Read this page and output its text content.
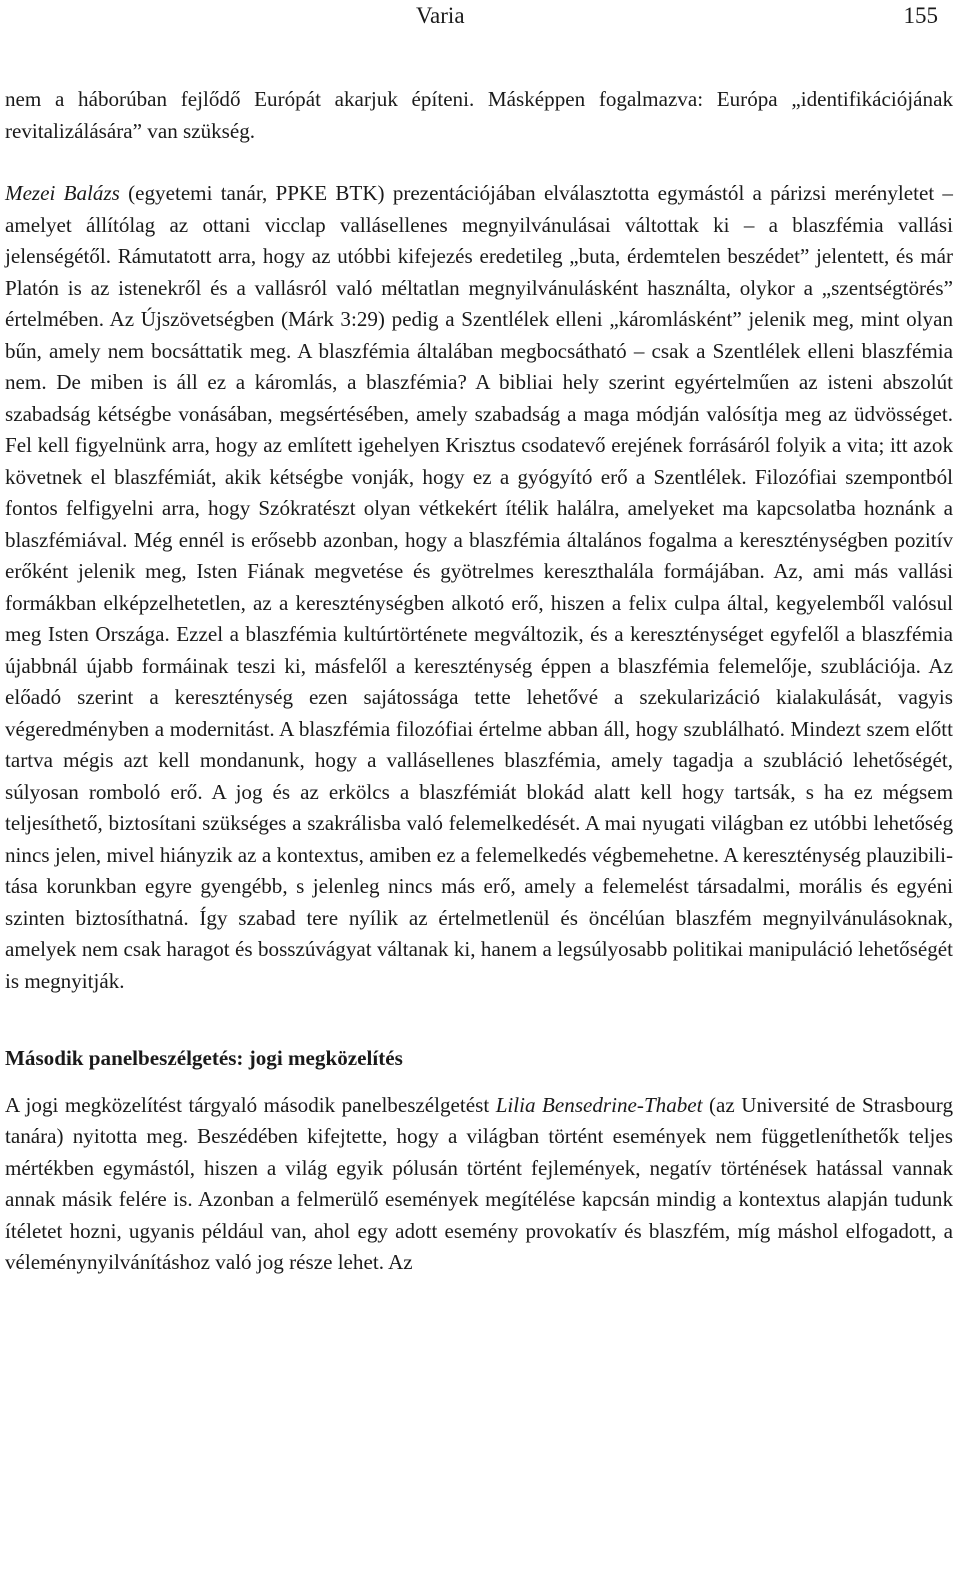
Varia	155

nem a háborúban fejlődő Európát akarjuk építeni. Másképpen fogalmazva: Európa „identifikációjának revitalizálására” van szükség.

Mezei Balázs (egyetemi tanár, PPKE BTK) prezentációjában elválasztotta egymástól a párizsi merényletet – amelyet állítólag az ottani vicclap vallásellenes megnyilvánulásai váltottak ki – a blaszfémia vallási jelenségétől. Rámutatott arra, hogy az utóbbi kifejezés eredetileg „buta, érdemtelen beszédet” jelentett, és már Platón is az istenekről és a vallásról való méltatlan megnyilvánulásként használta, olykor a „szentségtörés” értelmében. Az Újszövetségben (Márk 3:29) pedig a Szentlélek elleni „káromlásként” jelenik meg, mint olyan bűn, amely nem bocsáttatik meg. A blaszfémia általában megbocsátható – csak a Szentlélek elleni blaszfémia nem. De miben is áll ez a káromlás, a blaszfémia? A bibliai hely szerint egyértelműen az isteni abszolút szabadság kétségbe vonásában, megsértésében, amely szabadság a maga módján valósítja meg az üdvösséget. Fel kell figyelnünk arra, hogy az említett igehelyen Krisztus csodatevő erejének forrásáról folyik a vita; itt azok követnek el blaszfémiát, akik kétségbe vonják, hogy ez a gyógyító erő a Szentlélek. Filozófiai szempontból fontos felfigyelni arra, hogy Szókratészt olyan vétkekért ítélik halálra, amelyeket ma kapcsolatba hoznánk a blaszfémiával. Még ennél is erősebb azonban, hogy a blaszfémia általános fogalma a kereszténységben pozitív erőként jelenik meg, Isten Fiának megvetése és gyötrelmes kereszthalála formájában. Az, ami más vallási formákban elképzelhetetlen, az a kereszténységben alkotó erő, hiszen a felix culpa által, kegyelemből valósul meg Isten Országa. Ezzel a blaszfémia kultúrtörténete megváltozik, és a kereszténységet egyfelől a blaszfémia újabbnál újabb formáinak teszi ki, másfelől a kereszténység éppen a blaszfémia felemelője, szublációja. Az előadó szerint a kereszténység ezen sajátossága tette lehetővé a szekularizáció kialakulását, vagyis végeredményben a modernitást. A blaszfémia filozófiai értelme abban áll, hogy szublálható. Mindezt szem előtt tartva mégis azt kell mondanunk, hogy a vallásellenes blaszfémia, amely tagadja a szubláció lehetőségét, súlyosan romboló erő. A jog és az erkölcs a blaszfémiát blokád alatt kell hogy tartsák, s ha ez mégsem teljesíthető, biztosítani szükséges a szakrálisba való felemelkedését. A mai nyugati világban ez utóbbi lehetőség nincs jelen, mivel hiányzik az a kontextus, amiben ez a felemelkedés végbemehetne. A kereszténység plauzibilitása korunkban egyre gyengébb, s jelenleg nincs más erő, amely a felemelést társadalmi, morális és egyéni szinten biztosíthatná. Így szabad tere nyílik az értelmetlenül és öncélúan blaszfém megnyilvánulásoknak, amelyek nem csak haragot és bosszúvágyat váltanak ki, hanem a legsúlyosabb politikai manipuláció lehetőségét is megnyitják.

Második panelbeszélgetés: jogi megközelítés

A jogi megközelítést tárgyaló második panelbeszélgetést Lilia Bensedrine-Thabet (az Université de Strasbourg tanára) nyitotta meg. Beszédében kifejtette, hogy a világban történt események nem függetleníthetők teljes mértékben egymástól, hiszen a világ egyik pólusán történt fejlemények, negatív történések hatással vannak annak másik felére is. Azonban a felmerülő események megítélése kapcsán mindig a kontextus alapján tudunk ítéletet hozni, ugyanis például van, ahol egy adott esemény provokatív és blaszfém, míg máshol elfogadott, a véleménynyilvánításhoz való jog része lehet. Az
